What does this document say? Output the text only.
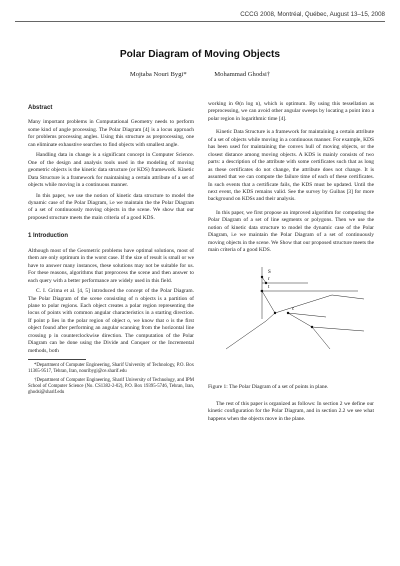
CCCG 2008, Montréal, Québec, August 13–15, 2008
Polar Diagram of Moving Objects
Mojtaba Nouri Bygi*	Mohammad Ghodsi†
Abstract

Many important problems in Computational Geometry needs to perform some kind of angle processing. The Polar Diagram [4] is a locus approach for problems processing angles. Using this structure as preprocessing, one can eliminate exhaustive searches to find objects with smallest angle.

Handling data in change is a significant concept in Computer Science. One of the design and analysis tools used in the modeling of moving geometric objects is the kinetic data structure (or KDS) framework. Kinetic Data Structure is a framework for maintaining a certain attribute of a set of objects while moving in a continuous manner.

In this paper, we use the notion of kinetic data structure to model the dynamic case of the Polar Diagram, i.e we maintain the the Polar Diagram of a set of continuously moving objects in the scene. We show that our proposed structure meets the main criteria of a good KDS.

1 Introduction

Although most of the Geometric problems have optimal solutions, most of them are only optimum in the worst case. If the size of result is small or we have to answer many instances, these solutions may not be suitable for us. For these reasons, algorithms that preprocess the scene and then answer to each query with a better performance are widely used in this field.

C. I. Grima et al. [4, 5] introduced the concept of the Polar Diagram. The Polar Diagram of the scene consisting of n objects is a partition of plane to polar regions. Each object creates a polar region representing the locus of points with common angular characteristics in a starting direction. If point p lies in the polar region of object o, we know that o is the first object found after performing an angular scanning from the horizontal line crossing p in counterclockwise direction. The computation of the Polar Diagram can be done using the Divide and Conquer or the Incremental methods, both

*Department of Computer Engineering, Sharif University of Technology, P.O. Box 11365-9517, Tehran, Iran, nouribygi@ce.sharif.edu

†Department of Computer Engineering, Sharif University of Technology, and IPM School of Computer Science (No. CS1382-2-02), P.O. Box 19395-5746, Tehran, Iran, ghodsi@sharif.edu

working in Θ(n log n), which is optimum. By using this tessellation as preprocessing, we can avoid other angular sweeps by locating a point into a polar region in logarithmic time [4].

Kinetic Data Structure is a framework for maintaining a certain attribute of a set of objects while moving in a continuous manner. For example, KDS has been used for maintaining the convex hull of moving objects, or the closest distance among moving objects. A KDS is mainly consists of two parts: a description of the attribute with some certificates such that as long as these certificates do not change, the attribute does not change. It is assumed that we can compute the failure time of each of these certificates. In such events that a certificate fails, the KDS must be updated. Until the next event, the KDS remains valid. See the survey by Guibas [3] for more background on KDSs and their analysis.

In this paper, we first propose an improved algorithm for computing the Polar Diagram of a set of line segments or polygons. Then we use the notion of kinetic data structure to model the dynamic case of the Polar Diagram, i.e we maintain the Polar Diagram of a set of continuously moving objects in the scene. We Show that our proposed structure meets the main criteria of a good KDS.

S
r
t
c

Figure 1: The Polar Diagram of a set of points in plane.

The rest of this paper is organized as follows: In section 2 we define our kinetic configuration for the Polar Diagram, and in section 2.2 we see what happens when the objects move in the plane.
